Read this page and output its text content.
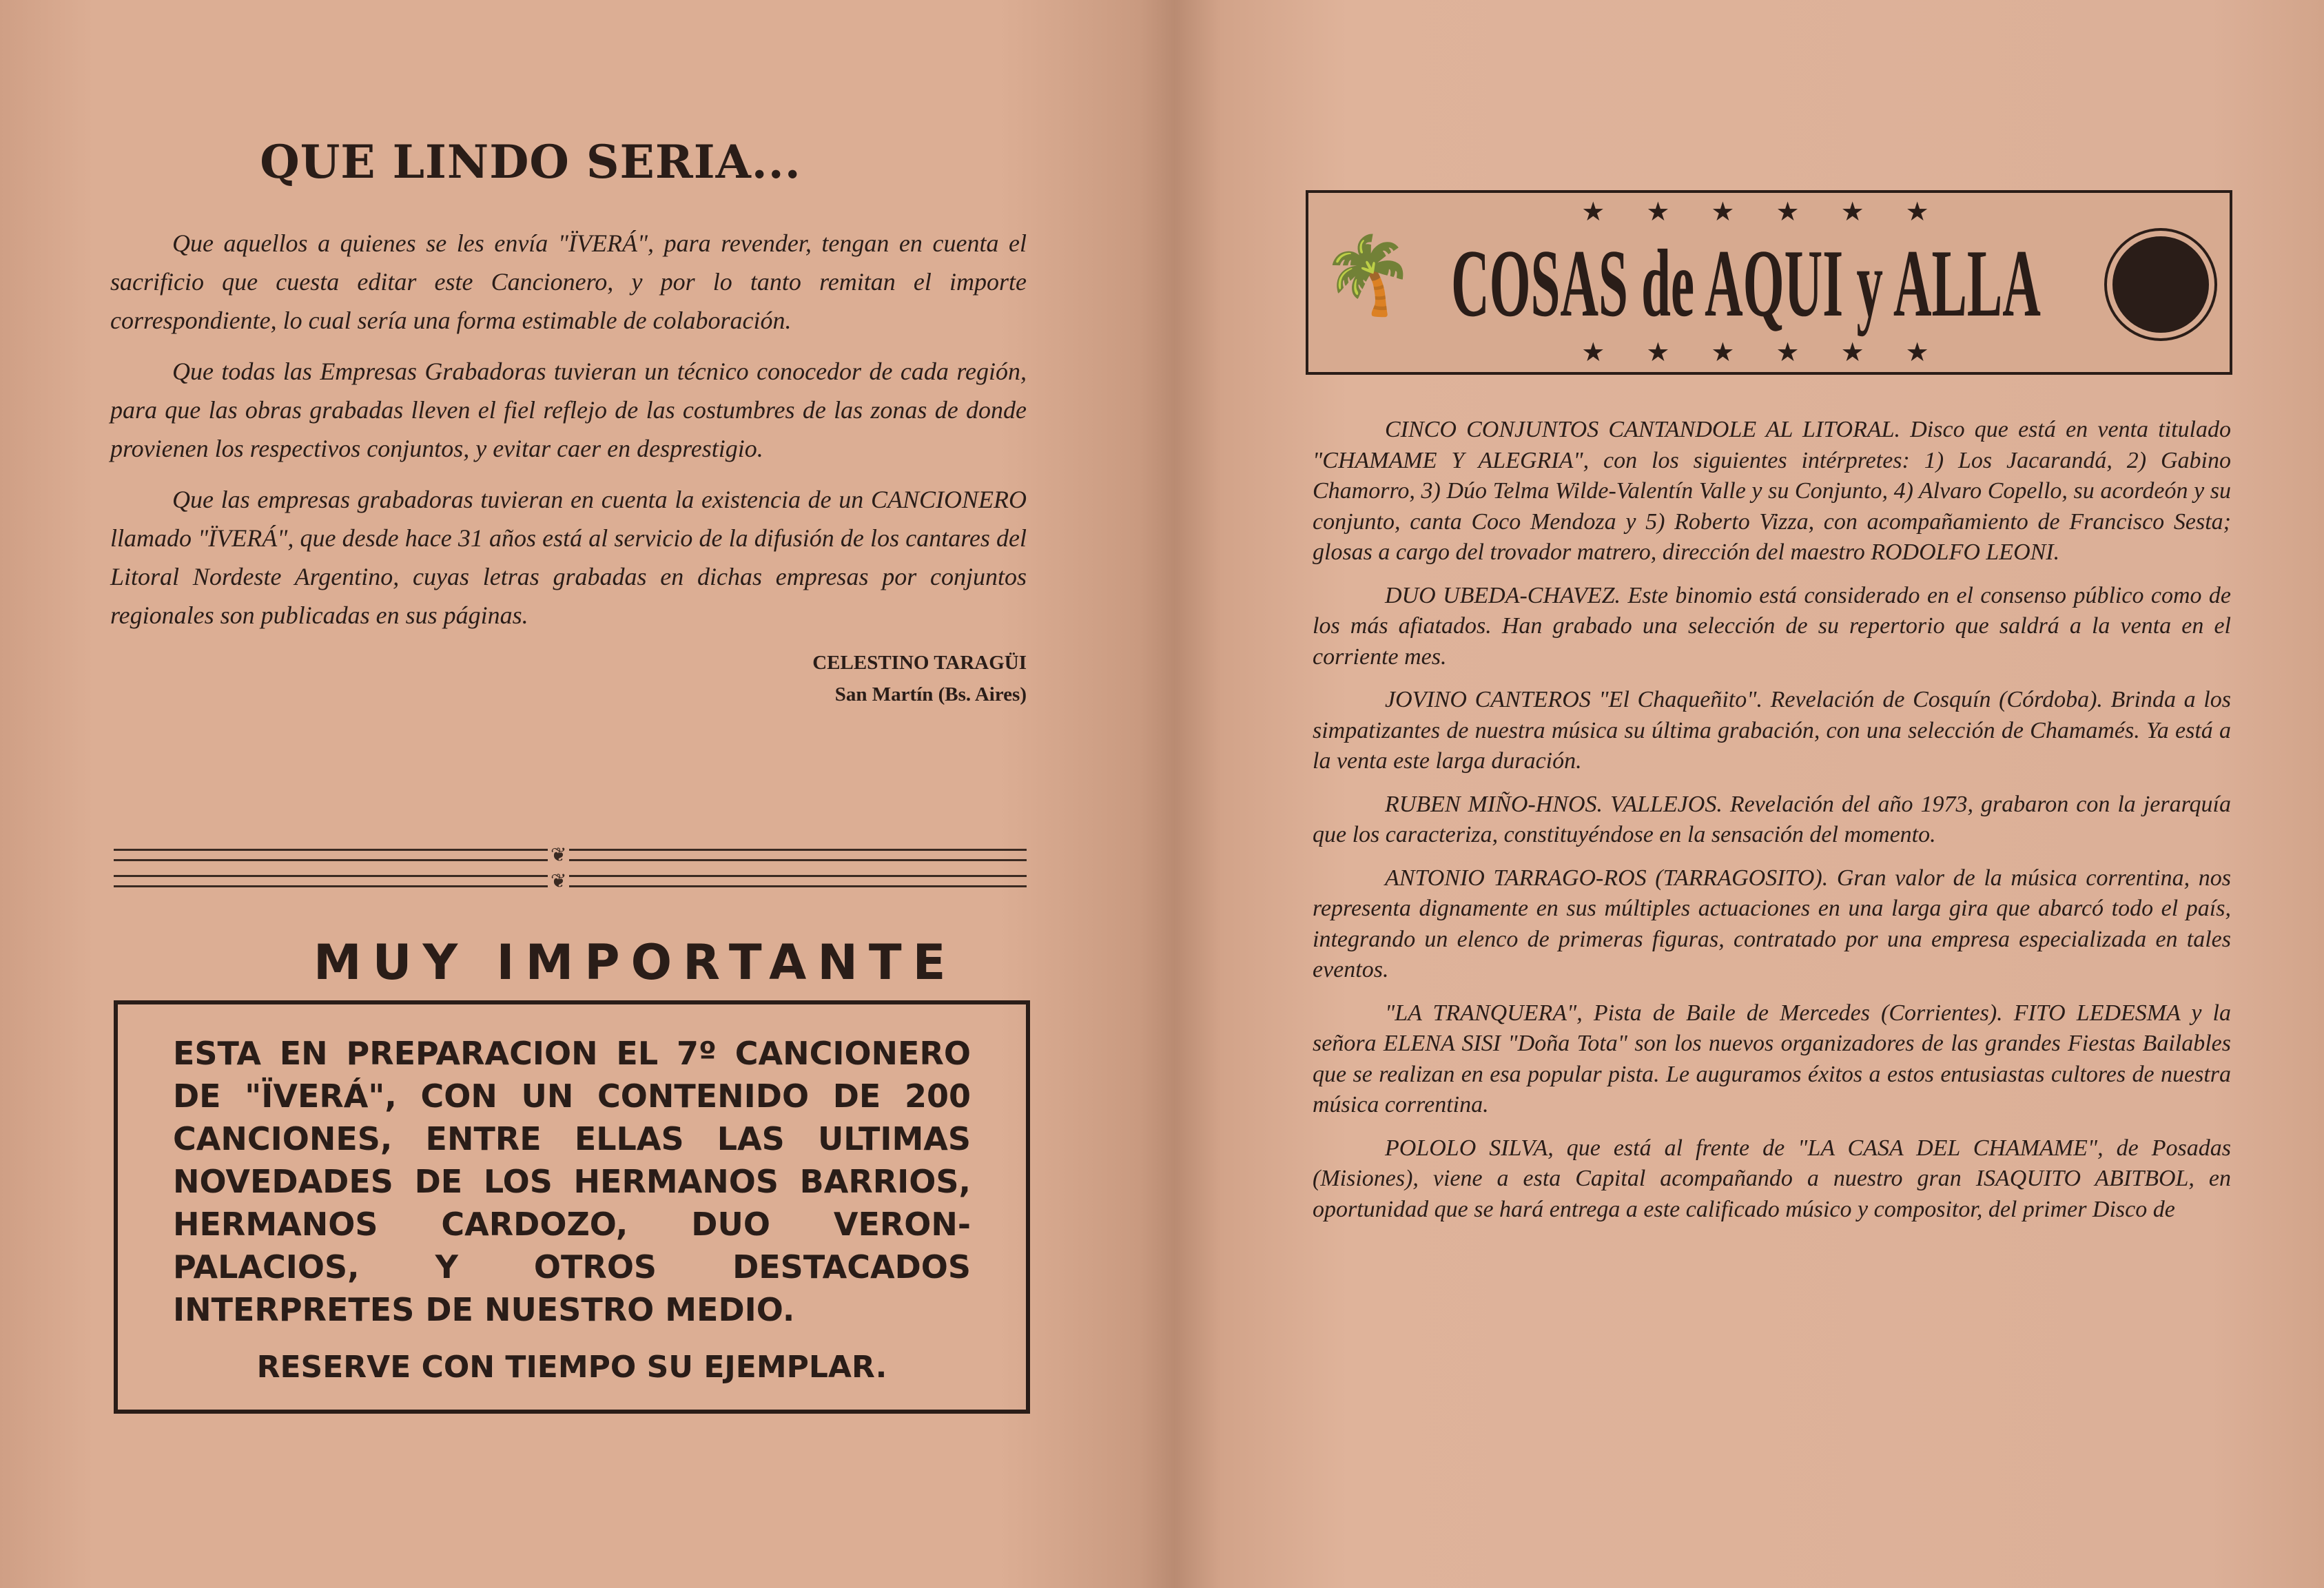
QUE LINDO SERIA...

Que aquellos a quienes se les envía "ÏVERÁ", para revender, tengan en cuenta el sacrificio que cuesta editar este Cancionero, y por lo tanto remitan el importe correspondiente, lo cual sería una forma estimable de colaboración.

Que todas las Empresas Grabadoras tuvieran un técnico conocedor de cada región, para que las obras grabadas lleven el fiel reflejo de las costumbres de las zonas de donde provienen los respectivos conjuntos, y evitar caer en desprestigio.

Que las empresas grabadoras tuvieran en cuenta la existencia de un CANCIONERO llamado "ÏVERÁ", que desde hace 31 años está al servicio de la difusión de los cantares del Litoral Nordeste Argentino, cuyas letras grabadas en dichas empresas por conjuntos regionales son publicadas en sus páginas.

CELESTINO TARAGÜI
San Martín (Bs. Aires)
❦
❦
MUY IMPORTANTE

ESTA EN PREPARACION EL 7º CANCIONERO DE "ÏVERÁ", CON UN CONTENIDO DE 200 CANCIONES, ENTRE ELLAS LAS ULTIMAS NOVEDADES DE LOS HERMANOS BARRIOS, HERMANOS CARDOZO, DUO VERON-PALACIOS, Y OTROS DESTACADOS INTERPRETES DE NUESTRO MEDIO.

RESERVE CON TIEMPO SU EJEMPLAR.

★★★★★★
🌴 COSAS de AQUI y ALLA
★★★★★★

CINCO CONJUNTOS CANTANDOLE AL LITORAL. Disco que está en venta titulado "CHAMAME Y ALEGRIA", con los siguientes intérpretes: 1) Los Jacarandá, 2) Gabino Chamorro, 3) Dúo Telma Wilde-Valentín Valle y su Conjunto, 4) Alvaro Copello, su acordeón y su conjunto, canta Coco Mendoza y 5) Roberto Vizza, con acompañamiento de Francisco Sesta; glosas a cargo del trovador matrero, dirección del maestro RODOLFO LEONI.

DUO UBEDA-CHAVEZ. Este binomio está considerado en el consenso público como de los más afiatados. Han grabado una selección de su repertorio que saldrá a la venta en el corriente mes.

JOVINO CANTEROS "El Chaqueñito". Revelación de Cosquín (Córdoba). Brinda a los simpatizantes de nuestra música su última grabación, con una selección de Chamamés. Ya está a la venta este larga duración.

RUBEN MIÑO-HNOS. VALLEJOS. Revelación del año 1973, grabaron con la jerarquía que los caracteriza, constituyéndose en la sensación del momento.

ANTONIO TARRAGO-ROS (TARRAGOSITO). Gran valor de la música correntina, nos representa dignamente en sus múltiples actuaciones en una larga gira que abarcó todo el país, integrando un elenco de primeras figuras, contratado por una empresa especializada en tales eventos.

"LA TRANQUERA", Pista de Baile de Mercedes (Corrientes). FITO LEDESMA y la señora ELENA SISI "Doña Tota" son los nuevos organizadores de las grandes Fiestas Bailables que se realizan en esa popular pista. Le auguramos éxitos a estos entusiastas cultores de nuestra música correntina.

POLOLO SILVA, que está al frente de "LA CASA DEL CHAMAME", de Posadas (Misiones), viene a esta Capital acompañando a nuestro gran ISAQUITO ABITBOL, en oportunidad que se hará entrega a este calificado músico y compositor, del primer Disco de
